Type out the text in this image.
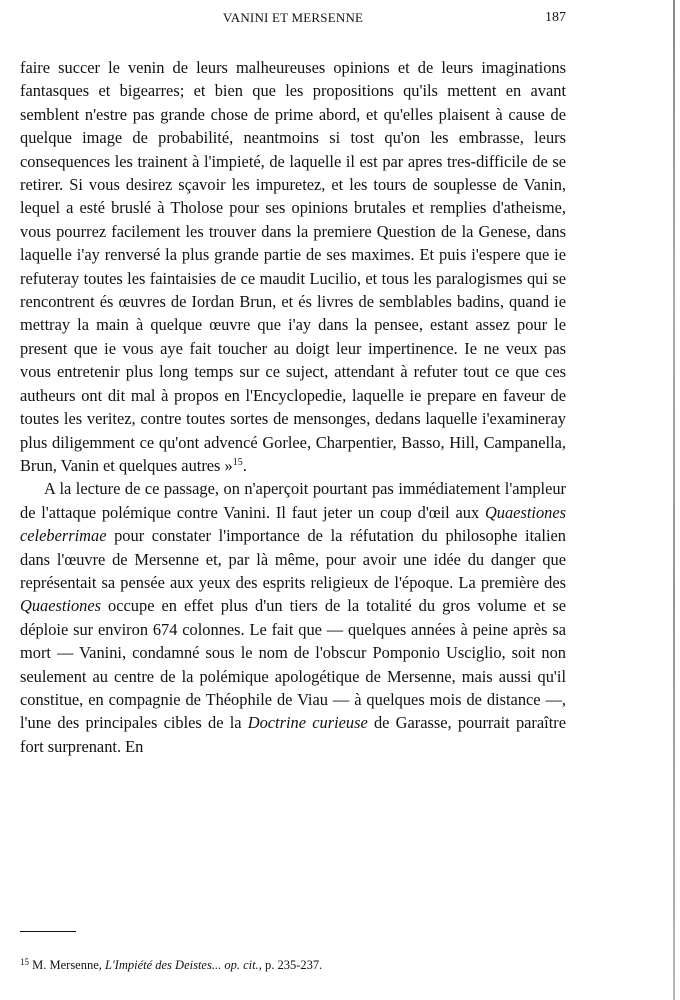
VANINI ET MERSENNE	187

faire succer le venin de leurs malheureuses opinions et de leurs imaginations fantasques et bigearres; et bien que les propositions qu'ils mettent en avant semblent n'estre pas grande chose de prime abord, et qu'elles plaisent à cause de quelque image de probabilité, neantmoins si tost qu'on les embrasse, leurs consequences les trainent à l'impieté, de laquelle il est par apres tres-difficile de se retirer. Si vous desirez sçavoir les impuretez, et les tours de souplesse de Vanin, lequel a esté bruslé à Tholose pour ses opinions brutales et remplies d'atheisme, vous pourrez facilement les trouver dans la premiere Question de la Genese, dans laquelle i'ay renversé la plus grande partie de ses maximes. Et puis i'espere que ie refuteray toutes les faintaisies de ce maudit Lucilio, et tous les paralogismes qui se rencontrent és œuvres de Iordan Brun, et és livres de semblables badins, quand ie mettray la main à quelque œuvre que i'ay dans la pensee, estant assez pour le present que ie vous aye fait toucher au doigt leur impertinence. Ie ne veux pas vous entretenir plus long temps sur ce suject, attendant à refuter tout ce que ces autheurs ont dit mal à propos en l'Encyclopedie, laquelle ie prepare en faveur de toutes les veritez, contre toutes sortes de mensonges, dedans laquelle i'examineray plus diligemment ce qu'ont advencé Gorlee, Charpentier, Basso, Hill, Campanella, Brun, Vanin et quelques autres »$^{15}$.

A la lecture de ce passage, on n'aperçoit pourtant pas immédiatement l'ampleur de l'attaque polémique contre Vanini. Il faut jeter un coup d'œil aux Quaestiones celeberrimae pour constater l'importance de la réfutation du philosophe italien dans l'œuvre de Mersenne et, par là même, pour avoir une idée du danger que représentait sa pensée aux yeux des esprits religieux de l'époque. La première des Quaestiones occupe en effet plus d'un tiers de la totalité du gros volume et se déploie sur environ 674 colonnes. Le fait que — quelques années à peine après sa mort — Vanini, condamné sous le nom de l'obscur Pomponio Usciglio, soit non seulement au centre de la polémique apologétique de Mersenne, mais aussi qu'il constitue, en compagnie de Théophile de Viau — à quelques mois de distance —, l'une des principales cibles de la Doctrine curieuse de Garasse, pourrait paraître fort surprenant. En

$^{15}$ M. Mersenne, L'Impiété des Deistes... op. cit., p. 235-237.
